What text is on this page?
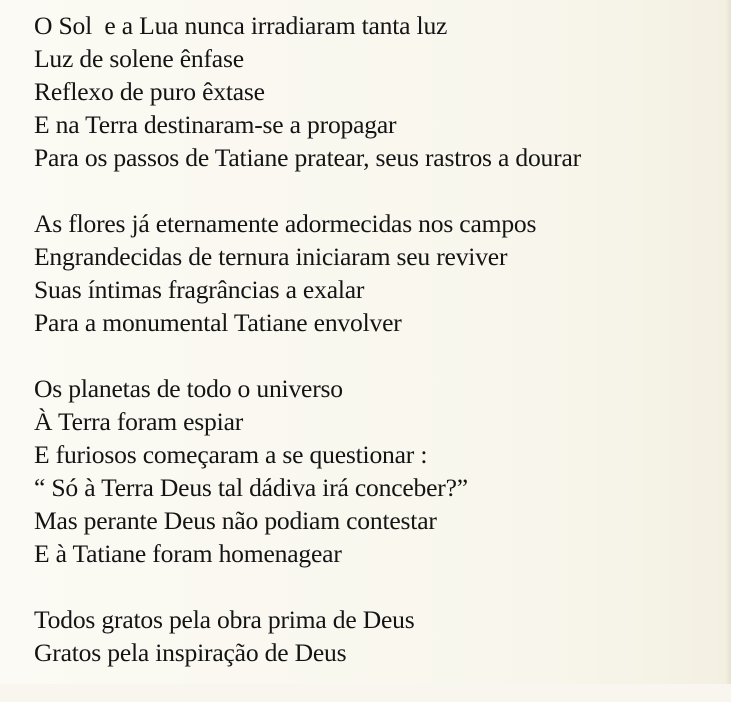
O Sol  e a Lua nunca irradiaram tanta luz
Luz de solene ênfase
Reflexo de puro êxtase
E na Terra destinaram-se a propagar
Para os passos de Tatiane pratear, seus rastros a dourar
As flores já eternamente adormecidas nos campos
Engrandecidas de ternura iniciaram seu reviver
Suas íntimas fragrâncias a exalar
Para a monumental Tatiane envolver
Os planetas de todo o universo
À Terra foram espiar
E furiosos começaram a se questionar :
“ Só à Terra Deus tal dádiva irá conceber?”
Mas perante Deus não podiam contestar
E à Tatiane foram homenagear
Todos gratos pela obra prima de Deus
Gratos pela inspiração de Deus
